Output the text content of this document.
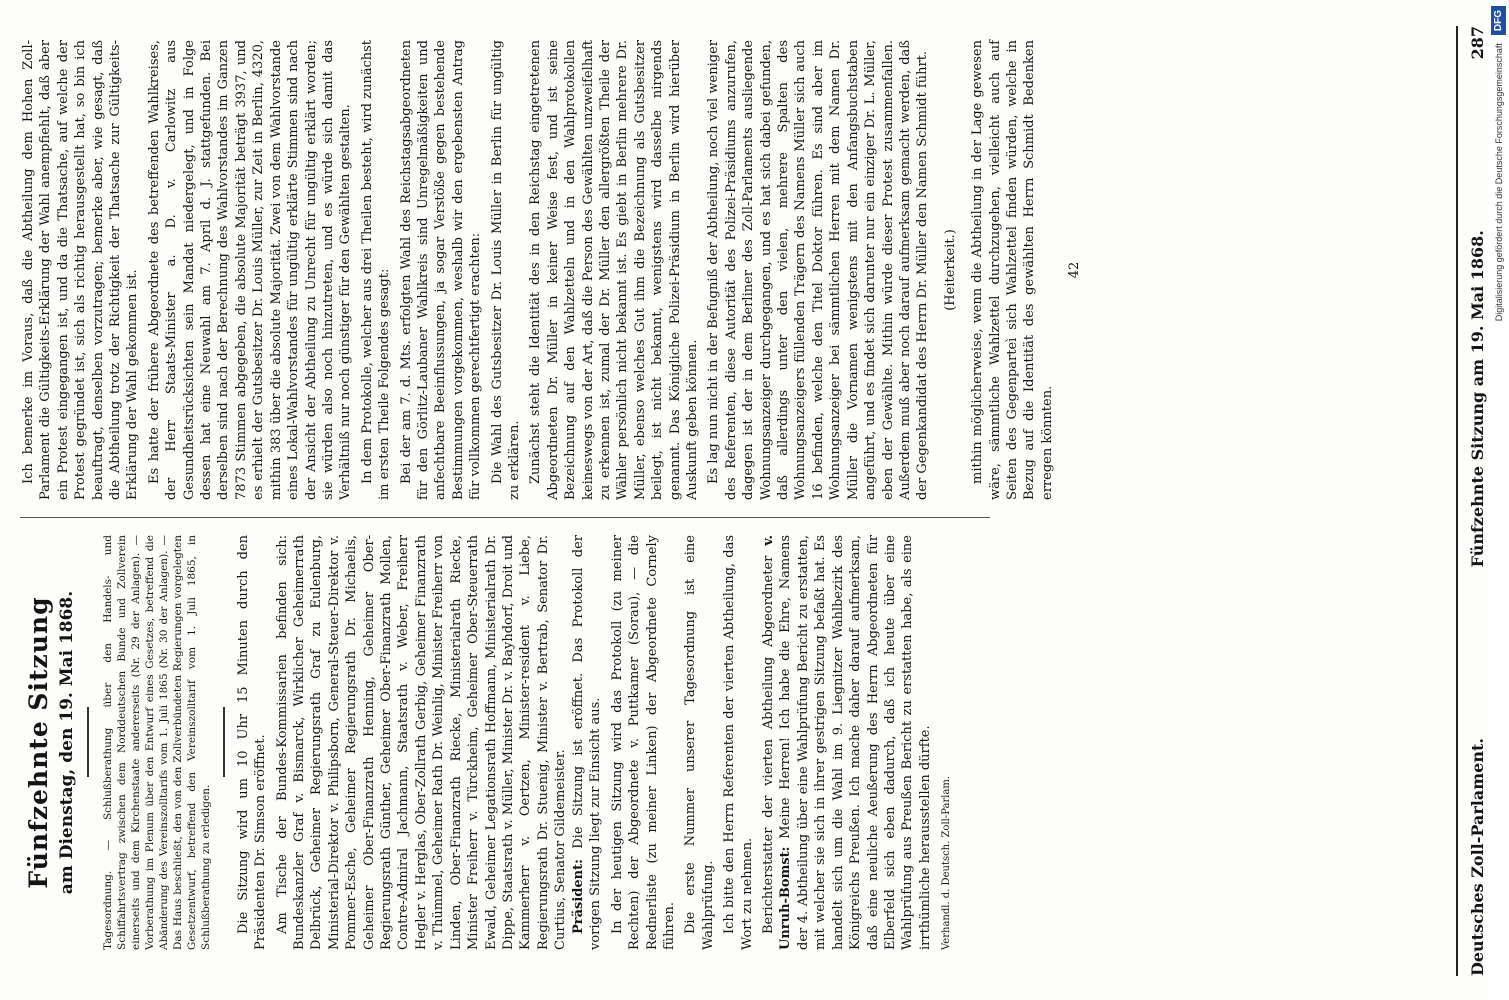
Fünfzehnte Sitzung am Dienstag, den 19. Mai 1868. Tagesordnung. — Schlußberathung über den Handels- und Schiffahrtsvertrag zwischen dem Norddeutschen Bunde und Zollverein einerseits und dem Kirchenstaate andererseits (Nr. 29 der Anlagen). — Vorberathung im Plenum über den Entwurf eines Gesetzes, betreffend die Abänderung des Vereinszolltarifs vom 1. Juli 1865 (Nr. 30 der Anlagen). — Das Haus beschließt, den von den Zollverbündeten Regierungen vorgelegten Gesetzentwurf, betreffend den Vereinszolltarif vom 1. Juli 1865, in Schlußberathung zu erledigen. Die Sitzung wird um 10 Uhr 15 Minuten durch den Präsidenten Dr. Simson eröffnet. Am Tische der Bundes-Kommissarien befinden sich: Bundeskanzler Graf v. Bismarck, Wirklicher Geheimerrath Delbrück, Geheimer Regierungsrath Graf zu Eulenburg, Ministerial-Direktor v. Philipsborn, General-Steuer-Direktor v. Pommer-Esche, Geheimer Regierungsrath Dr. Michaelis, Geheimer Ober-Finanzrath Henning, Geheimer Ober-Regierungsrath Günther, Geheimer Ober-Finanzrath Mollen, Contre-Admiral Jachmann, Staatsrath v. Weber, Freiherr Hegler v. Herglas, Ober-Zollrath Gerbig, Geheimer Finanzrath v. Thümmel, Geheimer Rath Dr. Weinlig, Minister Freiherr von Linden, Ober-Finanzrath Riecke, Ministerialrath Riecke, Minister Freiherr v. Türckheim, Geheimer Ober-Steuerrath Ewald, Geheimer Legationsrath Hoffmann, Ministerialrath Dr. Dippe, Staatsrath v. Müller, Minister Dr. v. Bayhdorf, Droit und Kammerherr v. Oertzen, Minister-resident v. Liebe, Regierungsrath Dr. Stuenig, Minister v. Bertrab, Senator Dr. Curtius, Senator Gildemeister. Präsident: Die Sitzung ist eröffnet. Das Protokoll der vorigen Sitzung liegt zur Einsicht aus. In der heutigen Sitzung wird das Protokoll (zu meiner Rechten) der Abgeordnete v. Puttkamer (Sorau), — die Rednerliste (zu meiner Linken) der Abgeordnete Cornely führen. Die erste Nummer unserer Tagesordnung ist eine Wahlprüfung. Ich bitte den Herrn Referenten der vierten Abtheilung, das Wort zu nehmen. Berichterstatter der vierten Abtheilung Abgeordneter v. Unruh-Bomst: Meine Herren! Ich habe die Ehre, Namens der 4. Abtheilung über eine Wahlprüfung Bericht zu erstatten, mit welcher sie sich in ihrer gestrigen Sitzung befaßt hat. Es handelt sich um die Wahl im 9. Liegnitzer Wahlbezirk des Königreichs Preußen. Ich mache daher darauf aufmerksam, daß eine neuliche Aeußerung des Herrn Abgeordneten für Elberfeld sich eben dadurch, daß ich heute über eine Wahlprüfung aus Preußen Bericht zu erstatten habe, als eine irrthümliche herausstellen dürfte. Verhandl. d. Deutsch. Zoll-Parlam.

Ich bemerke im Voraus, daß die Abtheilung dem Hohen Zoll-Parlament die Gültigkeits-Erklärung der Wahl anempfiehlt, daß aber ein Protest eingegangen ist, und da die Thatsache, auf welche der Protest gegründet ist, sich als richtig herausgestellt hat, so bin ich beauftragt, denselben vorzutragen; bemerke aber, wie gesagt, daß die Abtheilung trotz der Richtigkeit der Thatsache zur Gültigkeits-Erklärung der Wahl gekommen ist. Es hatte der frühere Abgeordnete des betreffenden Wahlkreises, der Herr Staats-Minister a. D. v. Carlowitz aus Gesundheitsrücksichten sein Mandat niedergelegt, und in Folge dessen hat eine Neuwahl am 7. April d. J. stattgefunden. Bei derselben sind nach der Berechnung des Wahlvorstandes im Ganzen 7873 Stimmen abgegeben, die absolute Majorität beträgt 3937, und es erhielt der Gutsbesitzer Dr. Louis Müller, zur Zeit in Berlin, 4320, mithin 383 über die absolute Majorität. Zwei von dem Wahlvorstande eines Lokal-Wahlvorstandes für ungültig erklärte Stimmen sind nach der Ansicht der Abtheilung zu Unrecht für ungültig erklärt worden; sie würden also noch hinzutreten, und es würde sich damit das Verhältniß nur noch günstiger für den Gewählten gestalten. In dem Protokolle, welcher aus drei Theilen besteht, wird zunächst im ersten Theile Folgendes gesagt: Bei der am 7. d. Mts. erfolgten Wahl des Reichstagsabgeordneten für den Görlitz-Laubaner Wahlkreis sind Unregelmäßigkeiten und anfechtbare Beeinflussungen, ja sogar Verstöße gegen bestehende Bestimmungen vorgekommen, weshalb wir den ergebensten Antrag für vollkommen gerechtfertigt erachten: Die Wahl des Gutsbesitzer Dr. Louis Müller in Berlin für ungültig zu erklären. Zunächst steht die Identität des in den Reichstag eingetretenen Abgeordneten Dr. Müller in keiner Weise fest, und ist seine Bezeichnung auf den Wahlzetteln und in den Wahlprotokollen keineswegs von der Art, daß die Person des Gewählten unzweifelhaft zu erkennen ist, zumal der Dr. Müller den allergrößten Theile der Wähler persönlich nicht bekannt ist. Es giebt in Berlin mehrere Dr. Müller, ebenso welches Gut ihm die Bezeichnung als Gutsbesitzer beilegt, ist nicht bekannt, wenigstens wird dasselbe nirgends genannt. Das Königliche Polizei-Präsidium in Berlin wird hierüber Auskunft geben können. Es lag nun nicht in der Befugniß der Abtheilung, noch viel weniger des Referenten, diese Autorität des Polizei-Präsidiums anzurufen, dagegen ist der in dem Berliner des Zoll-Parlaments ausliegende Wohnungsanzeiger durchgegangen, und es hat sich dabei gefunden, daß allerdings unter den vielen, mehrere Spalten des Wohnungsanzeigers füllenden Trägern des Namens Müller sich auch 16 befinden, welche den Titel Doktor führen. Es sind aber im Wohnungsanzeiger bei sämmtlichen Herren mit dem Namen Dr. Müller die Vornamen wenigstens mit den Anfangsbuchstaben angeführt, und es findet sich darunter nur ein einziger Dr. L. Müller, eben der Gewählte. Mithin würde dieser Protest zusammenfallen. Außerdem muß aber noch darauf aufmerksam gemacht werden, daß der Gegenkandidat des Herrn Dr. Müller den Namen Schmidt führt. (Heiterkeit.) mithin möglicherweise, wenn die Abtheilung in der Lage gewesen wäre, sämmtliche Wahlzettel durchzugehen, vielleicht auch auf Seiten des Gegenparteì sich Wahlzettel finden würden, welche in Bezug auf die Identität des gewählten Herrn Schmidt Bedenken erregen könnten.

42

Deutsches Zoll-Parlament.
Fünfzehnte Sitzung am 19. Mai 1868.
287
Digitalisierung gefördert durch die Deutsche Forschungsgemeinschaft
DFG
